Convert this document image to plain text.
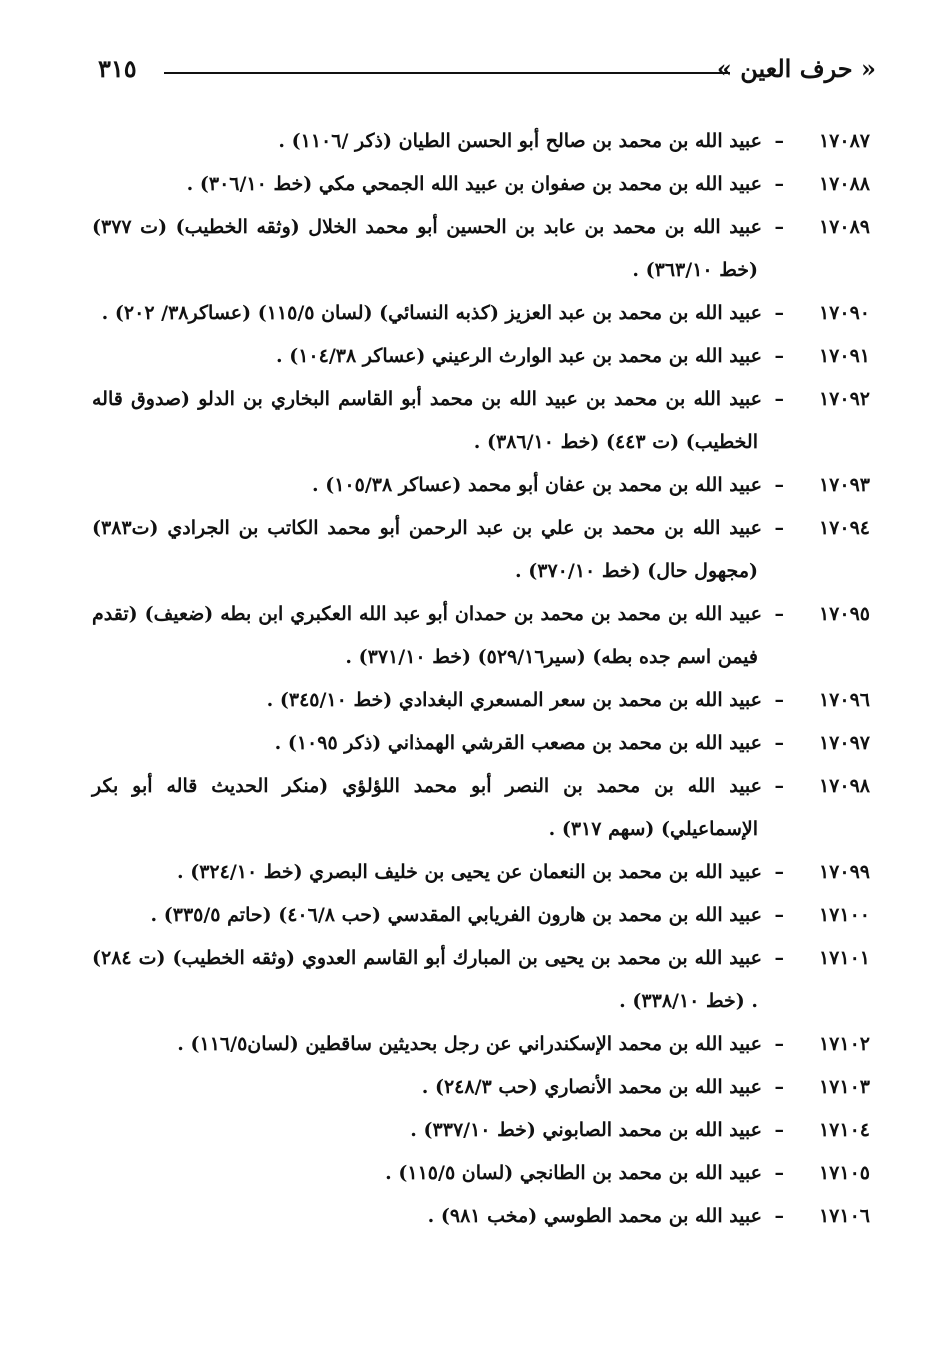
« حرف العين »
٣١٥
١٧٠٨٧–عبيد الله بن محمد بن صالح أبو الحسن الطيان (ذكر /١١٠٦) .
١٧٠٨٨–عبيد الله بن محمد بن صفوان بن عبيد الله الجمحي مكي (خط ٣٠٦/١٠) .
١٧٠٨٩–عبيد الله بن محمد بن عابد بن الحسين أبو محمد الخلال (وثقه الخطيب) (ت ٣٧٧) (خط ٣٦٣/١٠) .
١٧٠٩٠–عبيد الله بن محمد بن عبد العزيز (كذبه النسائي) (لسان ١١٥/٥) (عساكر٣٨/ ٢٠٢) .
١٧٠٩١–عبيد الله بن محمد بن عبد الوارث الرعيني (عساكر ١٠٤/٣٨) .
١٧٠٩٢–عبيد الله بن محمد بن عبيد الله بن محمد أبو القاسم البخاري بن الدلو (صدوق قاله الخطيب) (ت ٤٤٣) (خط ٣٨٦/١٠) .
١٧٠٩٣–عبيد الله بن محمد بن عفان أبو محمد (عساكر ١٠٥/٣٨) .
١٧٠٩٤–عبيد الله بن محمد بن علي بن عبد الرحمن أبو محمد الكاتب بن الجرادي (ت٣٨٣) (مجهول حال) (خط ٣٧٠/١٠) .
١٧٠٩٥–عبيد الله بن محمد بن محمد بن حمدان أبو عبد الله العكبري ابن بطه (ضعيف) (تقدم فيمن اسم جده بطه) (سير٥٢٩/١٦) (خط ٣٧١/١٠) .
١٧٠٩٦–عبيد الله بن محمد بن سعر المسعري البغدادي (خط ٣٤٥/١٠) .
١٧٠٩٧–عبيد الله بن محمد بن مصعب القرشي الهمذاني (ذكر ١٠٩٥) .
١٧٠٩٨–عبيد الله بن محمد بن النصر أبو محمد اللؤلؤي (منكر الحديث قاله أبو بكر الإسماعيلي) (سهم ٣١٧) .
١٧٠٩٩–عبيد الله بن محمد بن النعمان عن يحيى بن خليف البصري (خط ٣٢٤/١٠) .
١٧١٠٠–عبيد الله بن محمد بن هارون الفريابي المقدسي (حب ٤٠٦/٨) (حاتم ٣٣٥/٥) .
١٧١٠١–عبيد الله بن محمد بن يحيى بن المبارك أبو القاسم العدوي (وثقه الخطيب) (ت ٢٨٤) . (خط ٣٣٨/١٠) .
١٧١٠٢–عبيد الله بن محمد الإسكندراني عن رجل بحديثين ساقطين (لسان١١٦/٥) .
١٧١٠٣–عبيد الله بن محمد الأنصاري (حب ٢٤٨/٣) .
١٧١٠٤–عبيد الله بن محمد الصابوني (خط ٣٣٧/١٠) .
١٧١٠٥–عبيد الله بن محمد بن الطانجي (لسان ١١٥/٥) .
١٧١٠٦–عبيد الله بن محمد الطوسي (مخب ٩٨١) .
